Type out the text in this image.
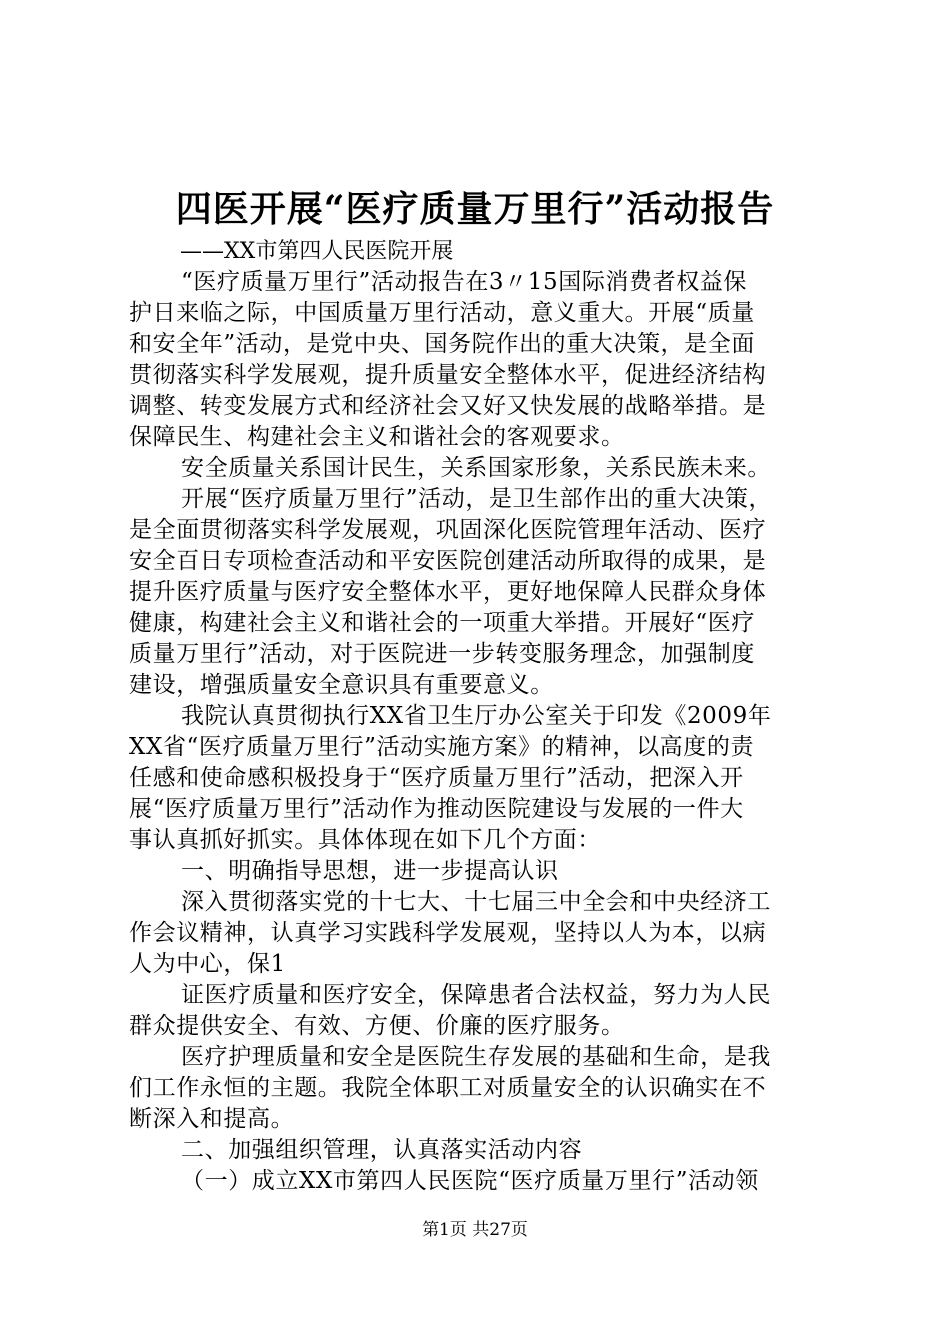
四医开展“医疗质量万里行”活动报告
——XX市第四人民医院开展
“医疗质量万里行”活动报告在3〃15国际消费者权益保
护日来临之际，中国质量万里行活动，意义重大。开展“质量
和安全年”活动，是党中央、国务院作出的重大决策，是全面
贯彻落实科学发展观，提升质量安全整体水平，促进经济结构
调整、转变发展方式和经济社会又好又快发展的战略举措。是
保障民生、构建社会主义和谐社会的客观要求。
安全质量关系国计民生，关系国家形象，关系民族未来。
开展“医疗质量万里行”活动，是卫生部作出的重大决策，
是全面贯彻落实科学发展观，巩固深化医院管理年活动、医疗
安全百日专项检查活动和平安医院创建活动所取得的成果，是
提升医疗质量与医疗安全整体水平，更好地保障人民群众身体
健康，构建社会主义和谐社会的一项重大举措。开展好“医疗
质量万里行”活动，对于医院进一步转变服务理念，加强制度
建设，增强质量安全意识具有重要意义。
我院认真贯彻执行XX省卫生厅办公室关于印发《2009年
XX省“医疗质量万里行”活动实施方案》的精神，以高度的责
任感和使命感积极投身于“医疗质量万里行”活动，把深入开
展“医疗质量万里行”活动作为推动医院建设与发展的一件大
事认真抓好抓实。具体体现在如下几个方面：
一、明确指导思想，进一步提高认识
深入贯彻落实党的十七大、十七届三中全会和中央经济工
作会议精神，认真学习实践科学发展观，坚持以人为本，以病
人为中心，保1
证医疗质量和医疗安全，保障患者合法权益，努力为人民
群众提供安全、有效、方便、价廉的医疗服务。
医疗护理质量和安全是医院生存发展的基础和生命，是我
们工作永恒的主题。我院全体职工对质量安全的认识确实在不
断深入和提高。
二、加强组织管理，认真落实活动内容
（一）成立XX市第四人民医院“医疗质量万里行”活动领
第1页 共27页
